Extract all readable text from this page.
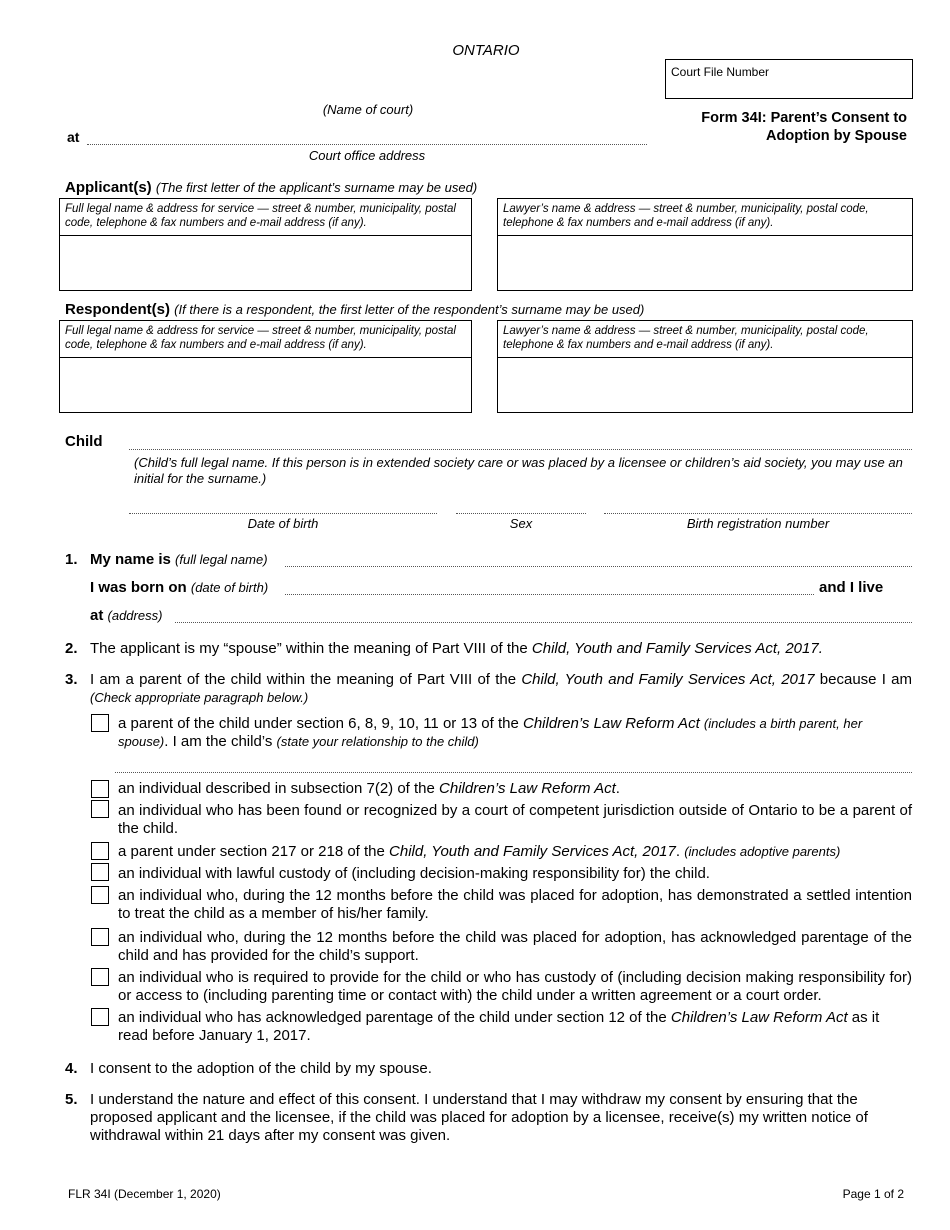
ONTARIO
Court File Number
(Name of court)
at
Court office address
Form 34I: Parent’s Consent to
Adoption by Spouse
Applicant(s) (The first letter of the applicant’s surname may be used)
Full legal name & address for service — street & number, municipality, postal code, telephone & fax numbers and e-mail address (if any).
Lawyer’s name & address — street & number, municipality, postal code, telephone & fax numbers and e-mail address (if any).
Respondent(s) (If there is a respondent, the first letter of the respondent’s surname may be used)
Full legal name & address for service — street & number, municipality, postal code, telephone & fax numbers and e-mail address (if any).
Lawyer’s name & address — street & number, municipality, postal code, telephone & fax numbers and e-mail address (if any).
Child
(Child’s full legal name. If this person is in extended society care or was placed by a licensee or children’s aid society, you may use an initial for the surname.)
Date of birth	Sex	Birth registration number
1. My name is (full legal name)
I was born on (date of birth)	and I live
at (address)
2. The applicant is my “spouse” within the meaning of Part VIII of the Child, Youth and Family Services Act, 2017.
3. I am a parent of the child within the meaning of Part VIII of the Child, Youth and Family Services Act, 2017 because I am (Check appropriate paragraph below.)
a parent of the child under section 6, 8, 9, 10, 11 or 13 of the Children’s Law Reform Act (includes a birth parent, her spouse). I am the child’s (state your relationship to the child)
an individual described in subsection 7(2) of the Children’s Law Reform Act.
an individual who has been found or recognized by a court of competent jurisdiction outside of Ontario to be a parent of the child.
a parent under section 217 or 218 of the Child, Youth and Family Services Act, 2017. (includes adoptive parents)
an individual with lawful custody of (including decision-making responsibility for) the child.
an individual who, during the 12 months before the child was placed for adoption, has demonstrated a settled intention to treat the child as a member of his/her family.
an individual who, during the 12 months before the child was placed for adoption, has acknowledged parentage of the child and has provided for the child’s support.
an individual who is required to provide for the child or who has custody of (including decision making responsibility for) or access to (including parenting time or contact with) the child under a written agreement or a court order.
an individual who has acknowledged parentage of the child under section 12 of the Children’s Law Reform Act as it read before January 1, 2017.
4. I consent to the adoption of the child by my spouse.
5. I understand the nature and effect of this consent. I understand that I may withdraw my consent by ensuring that the proposed applicant and the licensee, if the child was placed for adoption by a licensee, receive(s) my written notice of withdrawal within 21 days after my consent was given.
FLR 34I (December 1, 2020)	Page 1 of 2
